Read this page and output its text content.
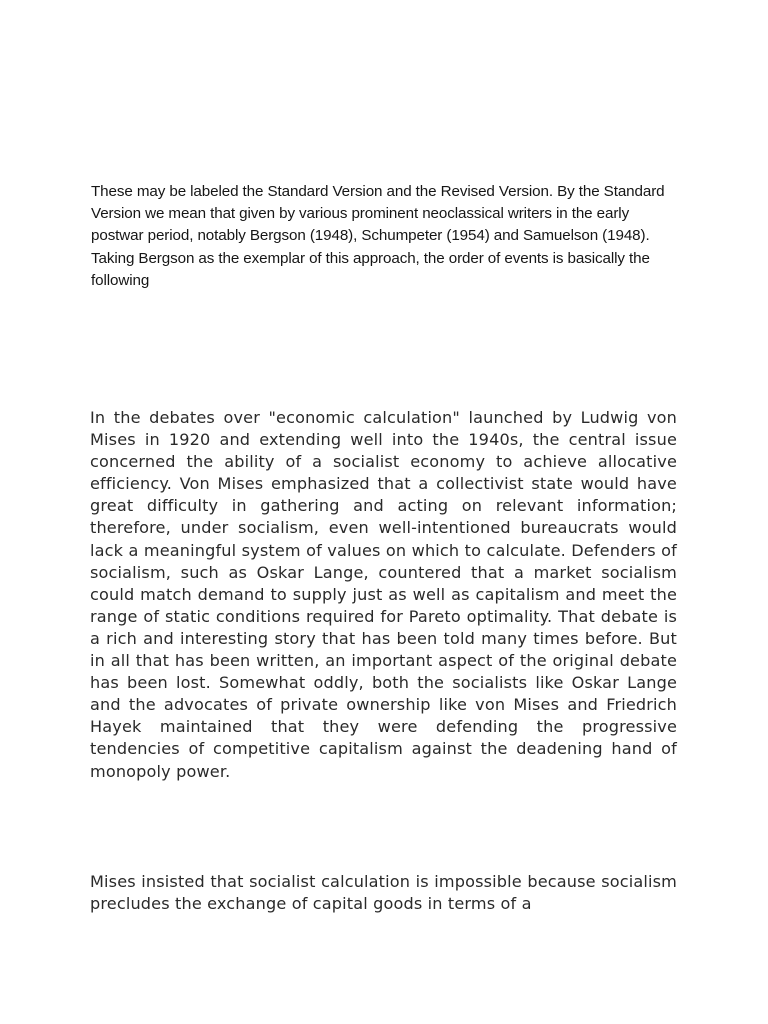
These may be labeled the Standard Version and the Revised Version. By the Standard Version we mean that given by various prominent neoclassical writers in the early postwar period, notably Bergson (1948), Schumpeter (1954) and Samuelson (1948). Taking Bergson as the exemplar of this approach, the order of events is basically the following

In the debates over "economic calculation" launched by Ludwig von Mises in 1920 and extending well into the 1940s, the central issue concerned the ability of a socialist economy to achieve allocative efficiency. Von Mises emphasized that a collectivist state would have great difficulty in gathering and acting on relevant information; therefore, under socialism, even well-intentioned bureaucrats would lack a meaningful system of values on which to calculate. Defenders of socialism, such as Oskar Lange, countered that a market socialism could match demand to supply just as well as capitalism and meet the range of static conditions required for Pareto optimality. That debate is a rich and interesting story that has been told many times before. But in all that has been written, an important aspect of the original debate has been lost. Somewhat oddly, both the socialists like Oskar Lange and the advocates of private ownership like von Mises and Friedrich Hayek maintained that they were defending the progressive tendencies of competitive capitalism against the deadening hand of monopoly power.

Mises insisted that socialist calculation is impossible because socialism precludes the exchange of capital goods in terms of a
